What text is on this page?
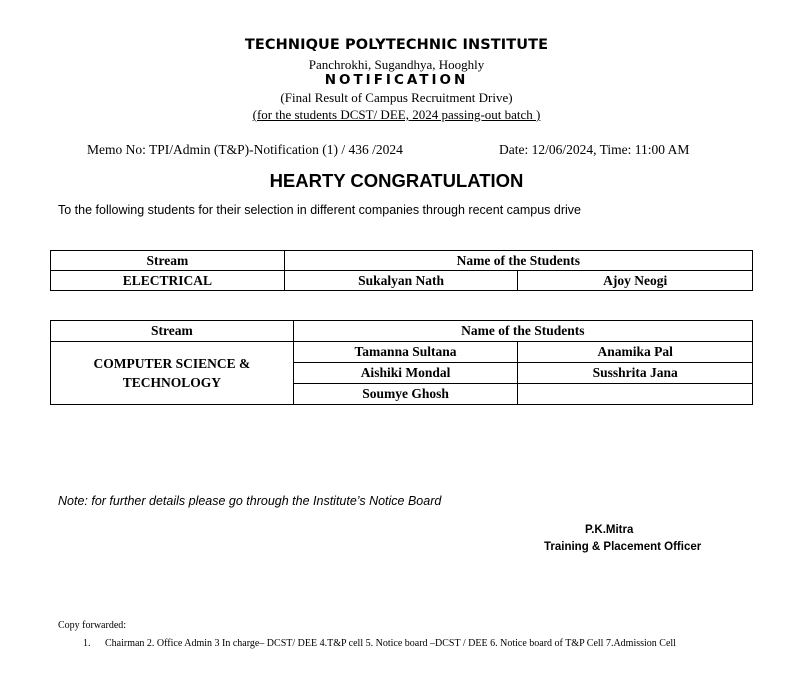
TECHNIQUE POLYTECHNIC INSTITUTE
Panchrokhi, Sugandhya, Hooghly
NOTIFICATION
(Final Result of Campus Recruitment Drive)
(for the students DCST/ DEE, 2024 passing-out batch )
Memo No: TPI/Admin (T&P)-Notification (1) / 436 /2024	Date: 12/06/2024, Time: 11:00 AM
HEARTY CONGRATULATION
To the following students for their selection in different companies through recent campus drive
Stream	Name of the Students	
ELECTRICAL	Sukalyan Nath	Ajoy Neogi
Stream	Name of the Students	
COMPUTER SCIENCE &
TECHNOLOGY	Tamanna Sultana	Anamika Pal
	Aishiki Mondal	Susshrita Jana
	Soumye Ghosh	
Note: for further details please go through the Institute’s Notice Board
P.K.Mitra
Training & Placement Officer
Copy forwarded:
1. Chairman 2. Office Admin 3 In charge– DCST/ DEE 4.T&P cell 5. Notice board –DCST / DEE 6. Notice board of T&P Cell 7.Admission Cell
